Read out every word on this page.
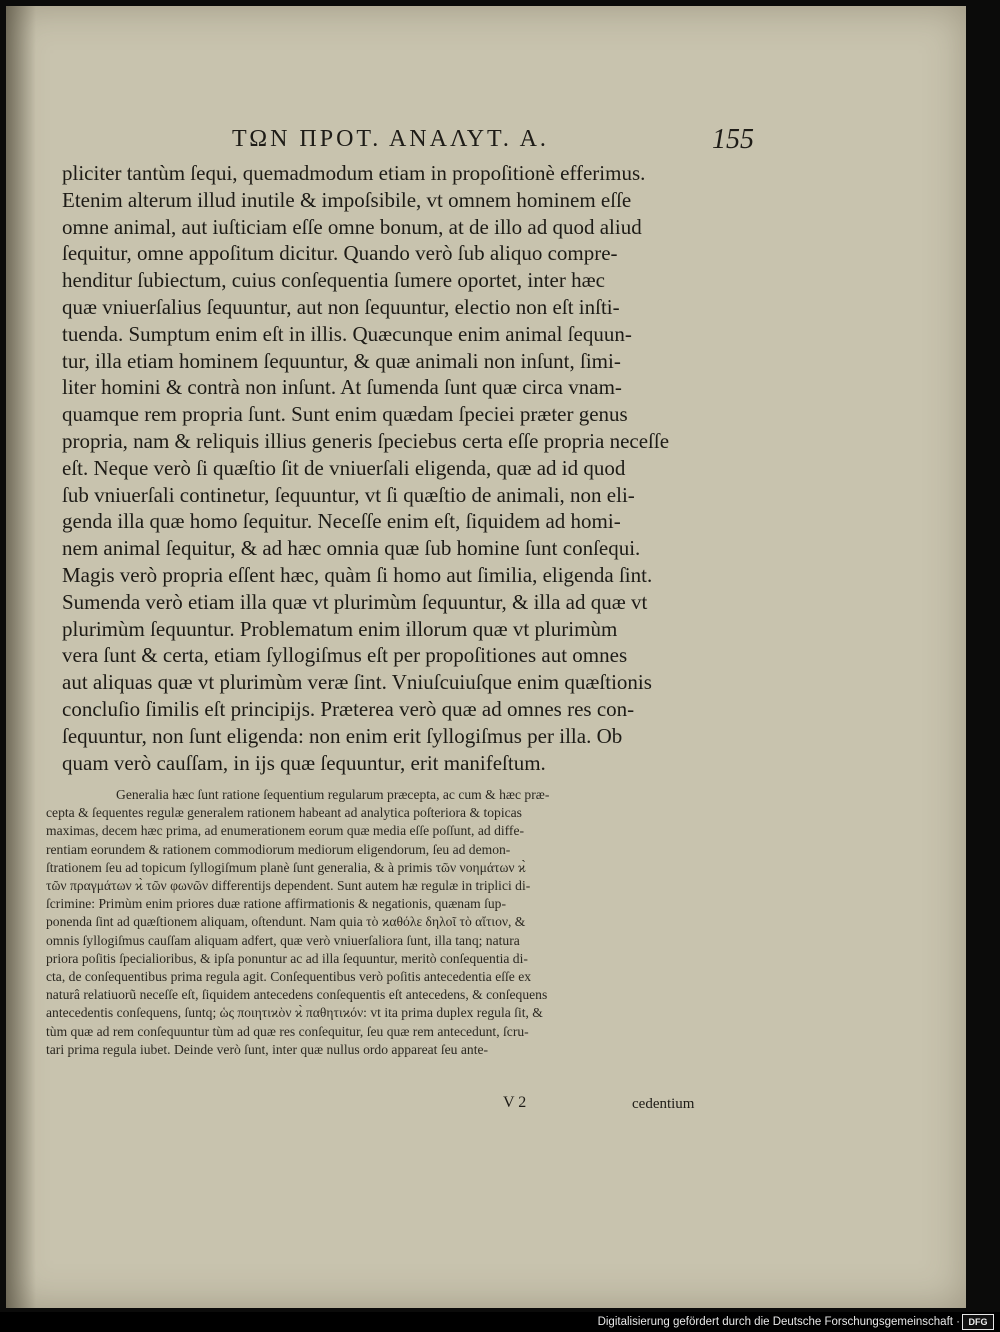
ΤΩΝ ΠΡΟΤ. ΑΝΑΛΥΤ. Α.	155
pliciter tantùm ſequi, quemadmodum etiam in propoſitionè efferimus.
Etenim alterum illud inutile & impoſsibile, vt omnem hominem eſſe
omne animal, aut iuſticiam eſſe omne bonum, at de illo ad quod aliud
ſequitur, omne appoſitum dicitur. Quando verò ſub aliquo compre-
henditur ſubiectum, cuius conſequentia ſumere oportet, inter hæc
quæ vniuerſalius ſequuntur, aut non ſequuntur, electio non eſt inſti-
tuenda. Sumptum enim eſt in illis. Quæcunque enim animal ſequun-
tur, illa etiam hominem ſequuntur, & quæ animali non inſunt, ſimi-
liter homini & contrà non inſunt. At ſumenda ſunt quæ circa vnam-
quamque rem propria ſunt. Sunt enim quædam ſpeciei præter genus
propria, nam & reliquis illius generis ſpeciebus certa eſſe propria neceſſe
eſt. Neque verò ſi quæſtio ſit de vniuerſali eligenda, quæ ad id quod
ſub vniuerſali continetur, ſequuntur, vt ſi quæſtio de animali, non eli-
genda illa quæ homo ſequitur. Neceſſe enim eſt, ſiquidem ad homi-
nem animal ſequitur, & ad hæc omnia quæ ſub homine ſunt conſequi.
Magis verò propria eſſent hæc, quàm ſi homo aut ſimilia, eligenda ſint.
Sumenda verò etiam illa quæ vt plurimùm ſequuntur, & illa ad quæ vt
plurimùm ſequuntur. Problematum enim illorum quæ vt plurimùm
vera ſunt & certa, etiam ſyllogiſmus eſt per propoſitiones aut omnes
aut aliquas quæ vt plurimùm veræ ſint. Vniuſcuiuſque enim quæſtionis
concluſio ſimilis eſt principijs. Præterea verò quæ ad omnes res con-
ſequuntur, non ſunt eligenda: non enim erit ſyllogiſmus per illa. Ob
quam verò cauſſam, in ijs quæ ſequuntur, erit manifeſtum.
Generalia hæc ſunt ratione ſequentium regularum præcepta, ac cum & hæc præ-
cepta & ſequentes regulæ generalem rationem habeant ad analytica poſteriora & topicas
maximas, decem hæc prima, ad enumerationem eorum quæ media eſſe poſſunt, ad diffe-
rentiam eorundem & rationem commodiorum mediorum eligendorum, ſeu ad demon-
ſtrationem ſeu ad topicum ſyllogiſmum planè ſunt generalia, & à primis τῶν νοημάτων ϰ̀
τῶν πραγμάτων ϰ̀ τῶν φωνῶν differentijs dependent. Sunt autem hæ regulæ in triplici di-
ſcrimine: Primùm enim priores duæ ratione affirmationis & negationis, quænam ſup-
ponenda ſint ad quæſtionem aliquam, oſtendunt. Nam quia τὸ ϰαθόλε δηλοῖ τὸ αἴτιον, &
omnis ſyllogiſmus cauſſam aliquam adfert, quæ verò vniuerſaliora ſunt, illa tanq; natura
priora poſitis ſpecialioribus, & ipſa ponuntur ac ad illa ſequuntur, meritò conſequentia di-
cta, de conſequentibus prima regula agit. Conſequentibus verò poſitis antecedentia eſſe ex
naturâ relatiuorũ neceſſe eſt, ſiquidem antecedens conſequentis eſt antecedens, & conſequens
antecedentis conſequens, ſuntq; ὡς ποιητιϰὸν ϰ̀ παθητιϰόν: vt ita prima duplex regula ſit, &
tùm quæ ad rem conſequuntur tùm ad quæ res conſequitur, ſeu quæ rem antecedunt, ſcru-
tari prima regula iubet. Deinde verò ſunt, inter quæ nullus ordo appareat ſeu ante-
V 2	cedentium
Digitalisierung gefördert durch die Deutsche Forschungsgemeinschaft · DFG
